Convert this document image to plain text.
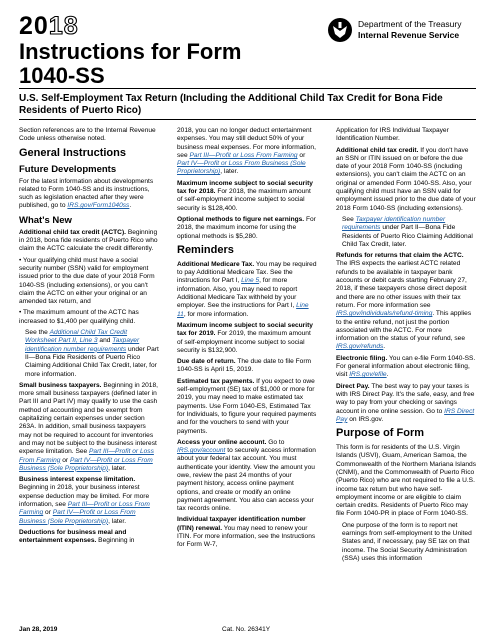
2018
Instructions for Form
1040-SS
Department of the Treasury
Internal Revenue Service
U.S. Self-Employment Tax Return (Including the Additional Child Tax Credit for Bona Fide Residents of Puerto Rico)

Section references are to the Internal Revenue Code unless otherwise noted.

General Instructions
Future Developments

For the latest information about developments related to Form 1040-SS and its instructions, such as legislation enacted after they were published, go to IRS.gov/Form1040ss.

What's New

Additional child tax credit (ACTC). Beginning in 2018, bona fide residents of Puerto Rico who claim the ACTC calculate the credit differently.

• Your qualifying child must have a social security number (SSN) valid for employment issued prior to the due date of your 2018 Form 1040-SS (including extensions), or you can't claim the ACTC on either your original or an amended tax return, and

• The maximum amount of the ACTC has increased to $1,400 per qualifying child.

See the Additional Child Tax Credit Worksheet Part II, Line 3 and Taxpayer identification number requirements under Part II—Bona Fide Residents of Puerto Rico Claiming Additional Child Tax Credit, later, for more information.

Small business taxpayers. Beginning in 2018, more small business taxpayers (defined later in Part III and Part IV) may qualify to use the cash method of accounting and be exempt from capitalizing certain expenses under section 263A. In addition, small business taxpayers may not be required to account for inventories and may not be subject to the business interest expense limitation. See Part III—Profit or Loss From Farming or Part IV—Profit or Loss From Business (Sole Proprietorship), later.

Business interest expense limitation. Beginning in 2018, your business interest expense deduction may be limited. For more information, see Part III—Profit or Loss From Farming or Part IV—Profit or Loss From Business (Sole Proprietorship), later.

Deductions for business meal and entertainment expenses. Beginning in

2018, you can no longer deduct entertainment expenses. You may still deduct 50% of your business meal expenses. For more information, see Part III—Profit or Loss From Farming or Part IV—Profit or Loss From Business (Sole Proprietorship), later.

Maximum income subject to social security tax for 2018. For 2018, the maximum amount of self-employment income subject to social security is $128,400.

Optional methods to figure net earnings. For 2018, the maximum income for using the optional methods is $5,280.

Reminders

Additional Medicare Tax. You may be required to pay Additional Medicare Tax. See the instructions for Part I, Line 5, for more information. Also, you may need to report Additional Medicare Tax withheld by your employer. See the instructions for Part I, Line 11, for more information.

Maximum income subject to social security tax for 2019. For 2019, the maximum amount of self-employment income subject to social security is $132,900.

Due date of return. The due date to file Form 1040-SS is April 15, 2019.

Estimated tax payments. If you expect to owe self-employment (SE) tax of $1,000 or more for 2019, you may need to make estimated tax payments. Use Form 1040-ES, Estimated Tax for Individuals, to figure your required payments and for the vouchers to send with your payments.

Access your online account. Go to IRS.gov/account to securely access information about your federal tax account. You must authenticate your identity. View the amount you owe, review the past 24 months of your payment history, access online payment options, and create or modify an online payment agreement. You also can access your tax records online.

Individual taxpayer identification number (ITIN) renewal. You may need to renew your ITIN. For more information, see the Instructions for Form W-7,

Application for IRS Individual Taxpayer Identification Number.

Additional child tax credit. If you don't have an SSN or ITIN issued on or before the due date of your 2018 Form 1040-SS (including extensions), you can't claim the ACTC on an original or amended Form 1040-SS. Also, your qualifying child must have an SSN valid for employment issued prior to the due date of your 2018 Form 1040-SS (including extensions).

See Taxpayer identification number requirements under Part II—Bona Fide Residents of Puerto Rico Claiming Additional Child Tax Credit, later.

Refunds for returns that claim the ACTC. The IRS expects the earliest ACTC related refunds to be available in taxpayer bank accounts or debit cards starting February 27, 2018, if these taxpayers chose direct deposit and there are no other issues with their tax return. For more information see IRS.gov/individuals/refund-timing. This applies to the entire refund, not just the portion associated with the ACTC. For more information on the status of your refund, see IRS.gov/refunds.

Electronic filing. You can e-file Form 1040-SS. For general information about electronic filing, visit IRS.gov/efile.

Direct Pay. The best way to pay your taxes is with IRS Direct Pay. It's the safe, easy, and free way to pay from your checking or savings account in one online session. Go to IRS Direct Pay on IRS.gov.

Purpose of Form

This form is for residents of the U.S. Virgin Islands (USVI), Guam, American Samoa, the Commonwealth of the Northern Mariana Islands (CNMI), and the Commonwealth of Puerto Rico (Puerto Rico) who are not required to file a U.S. income tax return but who have self-employment income or are eligible to claim certain credits. Residents of Puerto Rico may file Form 1040-PR in place of Form 1040-SS.

One purpose of the form is to report net earnings from self-employment to the United States and, if necessary, pay SE tax on that income. The Social Security Administration (SSA) uses this information

Jan 28, 2019	Cat. No. 26341Y
